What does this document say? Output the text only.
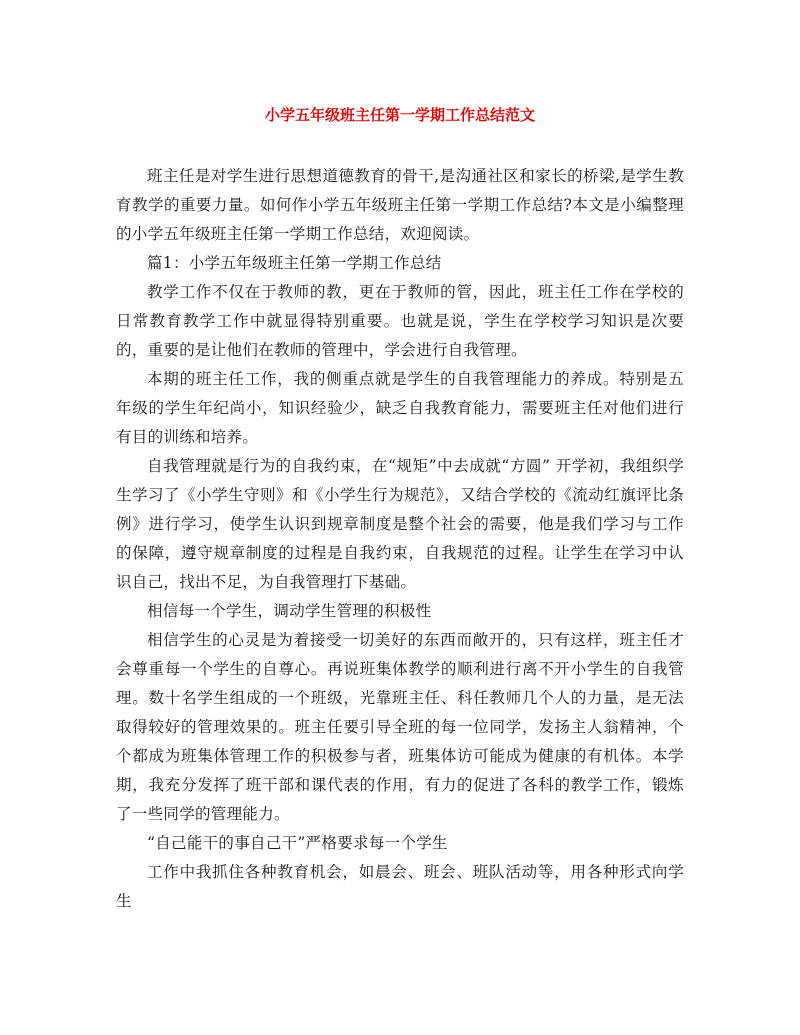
小学五年级班主任第一学期工作总结范文

班主任是对学生进行思想道德教育的骨干,是沟通社区和家长的桥梁,是学生教育教学的重要力量。如何作小学五年级班主任第一学期工作总结?本文是小编整理的小学五年级班主任第一学期工作总结，欢迎阅读。

篇1：小学五年级班主任第一学期工作总结

教学工作不仅在于教师的教，更在于教师的管，因此，班主任工作在学校的日常教育教学工作中就显得特别重要。也就是说，学生在学校学习知识是次要的，重要的是让他们在教师的管理中，学会进行自我管理。

本期的班主任工作，我的侧重点就是学生的自我管理能力的养成。特别是五年级的学生年纪尚小，知识经验少，缺乏自我教育能力，需要班主任对他们进行有目的训练和培养。

自我管理就是行为的自我约束，在“规矩”中去成就“方圆” 开学初，我组织学生学习了《小学生守则》和《小学生行为规范》，又结合学校的《流动红旗评比条例》进行学习，使学生认识到规章制度是整个社会的需要，他是我们学习与工作的保障，遵守规章制度的过程是自我约束，自我规范的过程。让学生在学习中认识自己，找出不足，为自我管理打下基础。

相信每一个学生，调动学生管理的积极性

相信学生的心灵是为着接受一切美好的东西而敞开的，只有这样，班主任才会尊重每一个学生的自尊心。再说班集体教学的顺利进行离不开小学生的自我管理。数十名学生组成的一个班级，光靠班主任、科任教师几个人的力量，是无法取得较好的管理效果的。班主任要引导全班的每一位同学，发扬主人翁精神，个个都成为班集体管理工作的积极参与者，班集体访可能成为健康的有机体。本学期，我充分发挥了班干部和课代表的作用，有力的促进了各科的教学工作，锻炼了一些同学的管理能力。

“自己能干的事自己干”严格要求每一个学生

工作中我抓住各种教育机会，如晨会、班会、班队活动等，用各种形式向学生
